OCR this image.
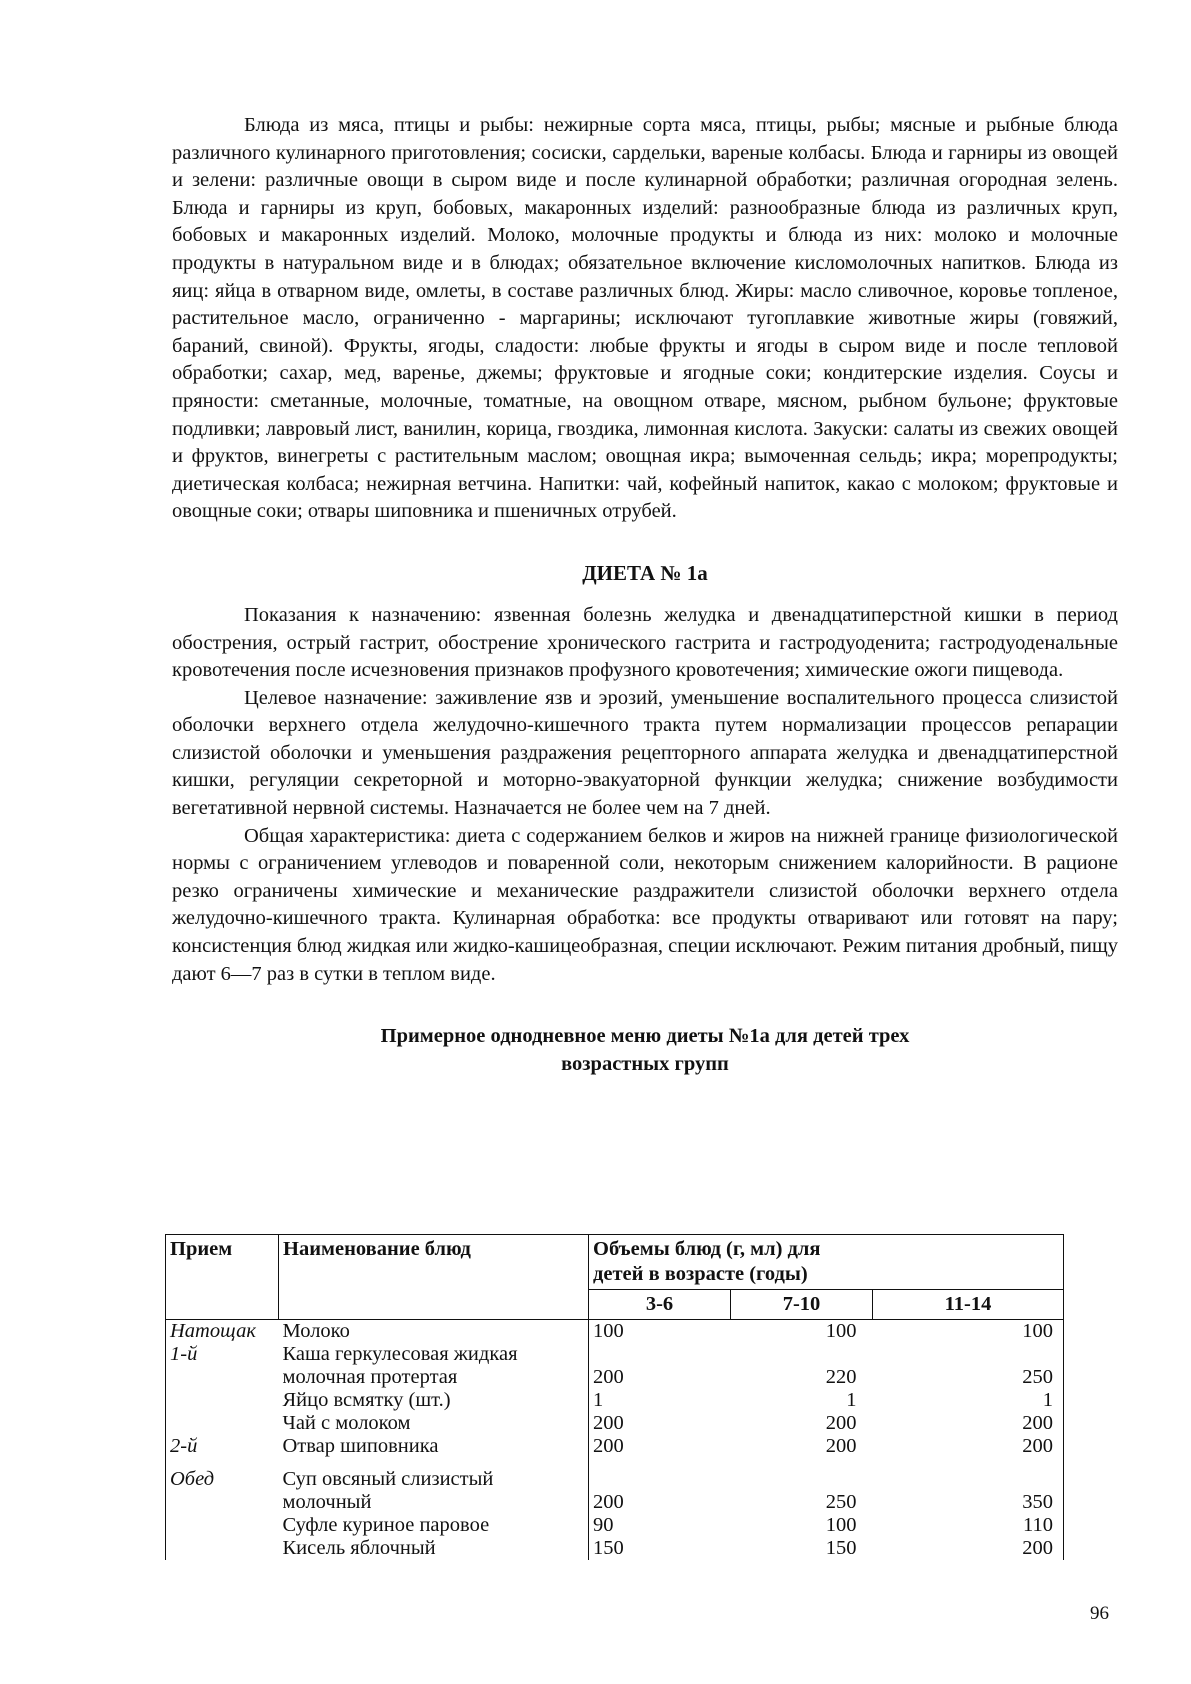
Блюда из мяса, птицы и рыбы: нежирные сорта мяса, птицы, рыбы; мясные и рыбные блюда различного кулинарного приготовления; сосиски, сардельки, вареные колбасы. Блюда и гарниры из овощей и зелени: различные овощи в сыром виде и после кулинарной обработки; различная огородная зелень. Блюда и гарниры из круп, бобовых, макаронных изделий: разнообразные блюда из различных круп, бобовых и макаронных изделий. Молоко, молочные продукты и блюда из них: молоко и молочные продукты в натуральном виде и в блюдах; обязательное включение кисломолочных напитков. Блюда из яиц: яйца в отварном виде, омлеты, в составе различных блюд. Жиры: масло сливочное, коровье топленое, растительное масло, ограниченно - маргарины; исключают тугоплавкие животные жиры (говяжий, бараний, свиной). Фрукты, ягоды, сладости: любые фрукты и ягоды в сыром виде и после тепловой обработки; сахар, мед, варенье, джемы; фруктовые и ягодные соки; кондитерские изделия. Соусы и пряности: сметанные, молочные, томатные, на овощном отваре, мясном, рыбном бульоне; фруктовые подливки; лавровый лист, ванилин, корица, гвоздика, лимонная кислота. Закуски: салаты из свежих овощей и фруктов, винегреты с растительным маслом; овощная икра; вымоченная сельдь; икра; морепродукты; диетическая колбаса; нежирная ветчина. Напитки: чай, кофейный напиток, какао с молоком; фруктовые и овощные соки; отвары шиповника и пшеничных отрубей.

ДИЕТА № 1а

Показания к назначению: язвенная болезнь желудка и двенадцатиперстной кишки в период обострения, острый гастрит, обострение хронического гастрита и гастродуоденита; гастродуоденальные кровотечения после исчезновения признаков профузного кровотечения; химические ожоги пищевода.

Целевое назначение: заживление язв и эрозий, уменьшение воспалительного процесса слизистой оболочки верхнего отдела желудочно-кишечного тракта путем нормализации процессов репарации слизистой оболочки и уменьшения раздражения рецепторного аппарата желудка и двенадцатиперстной кишки, регуляции секреторной и моторно-эвакуаторной функции желудка; снижение возбудимости вегетативной нервной системы. Назначается не более чем на 7 дней.

Общая характеристика: диета с содержанием белков и жиров на нижней границе физиологической нормы с ограничением углеводов и поваренной соли, некоторым снижением калорийности. В рационе резко ограничены химические и механические раздражители слизистой оболочки верхнего отдела желудочно-кишечного тракта. Кулинарная обработка: все продукты отваривают или готовят на пару; консистенция блюд жидкая или жидко-кашицеобразная, специи исключают. Режим питания дробный, пищу дают 6—7 раз в сутки в теплом виде.

Примерное однодневное меню диеты №1а для детей трех
возрастных групп
Прием	Наименование блюд	Объемы блюд (г, мл) для
детей в возрасте (годы)		
		3-6	7-10	11-14
Натощак	Молоко	100	100	100
1-й	Каша геркулесовая жидкая молочная протертая	200	220	250
	Яйцо всмятку (шт.)	1	1	1
	Чай с молоком	200	200	200
2-й	Отвар шиповника	200	200	200
Обед	Суп овсяный слизистый молочный	200	250	350
	Суфле куриное паровое	90	100	110
	Кисель яблочный	150	150	200
96
